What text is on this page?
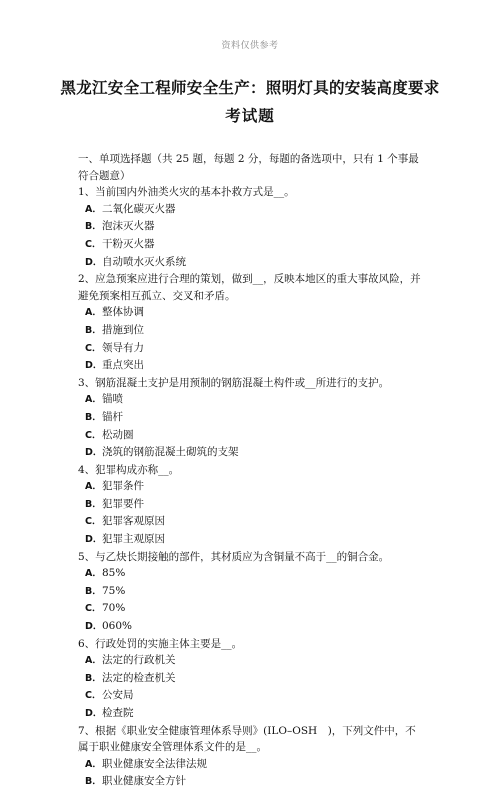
资料仅供参考
黑龙江安全工程师安全生产：照明灯具的安装高度要求
考试题

一、单项选择题（共 25 题，每题 2 分，每题的备选项中，只有 1 个事最符合题意）

1、当前国内外油类火灾的基本扑救方式是__。

A．二氧化碳灭火器

B．泡沫灭火器

C．干粉灭火器

D．自动喷水灭火系统

2、应急预案应进行合理的策划，做到__，反映本地区的重大事故风险，并避免预案相互孤立、交叉和矛盾。

A．整体协调

B．措施到位

C．领导有力

D．重点突出

3、钢筋混凝土支护是用预制的钢筋混凝土构件或__所进行的支护。

A．锚喷

B．锚杆

C．松动圈

D．浇筑的钢筋混凝土砌筑的支架

4、犯罪构成亦称__。

A．犯罪条件

B．犯罪要件

C．犯罪客观原因

D．犯罪主观原因

5、与乙炔长期接触的部件，其材质应为含铜量不高于__的铜合金。

A．85%

B．75%

C．70%

D．060%

6、行政处罚的实施主体主要是__。

A．法定的行政机关

B．法定的检查机关

C．公安局

D．检查院

7、根据《职业安全健康管理体系导则》(ILO–OSH　)，下列文件中，不属于职业健康安全管理体系文件的是__。

A．职业健康安全法律法规

B．职业健康安全方针
